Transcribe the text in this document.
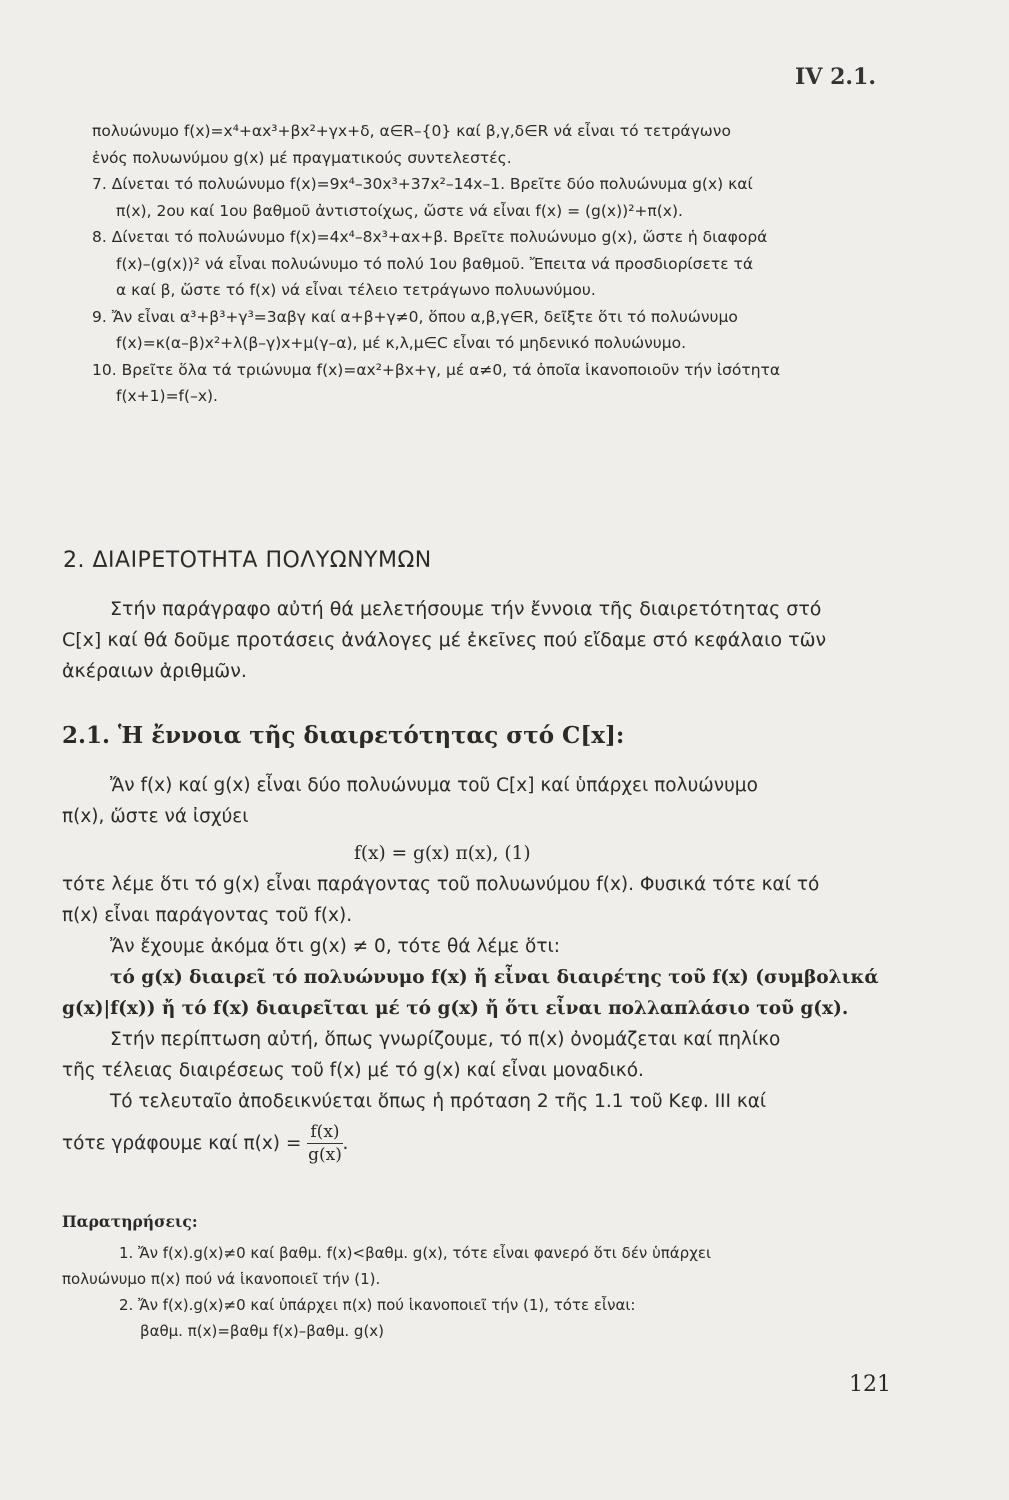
IV 2.1.
πολυώνυμο f(x)=x⁴+αx³+βx²+γx+δ, α∈R–{0} καί β,γ,δ∈R νά εἶναι τό τετράγωνο
ἑνός πολυωνύμου g(x) μέ πραγματικούς συντελεστές.
7. Δίνεται τό πολυώνυμο f(x)=9x⁴–30x³+37x²–14x–1. Βρεῖτε δύο πολυώνυμα g(x) καί
π(x), 2ου καί 1ου βαθμοῦ ἀντιστοίχως, ὥστε νά εἶναι f(x) = (g(x))²+π(x).
8. Δίνεται τό πολυώνυμο f(x)=4x⁴–8x³+αx+β. Βρεῖτε πολυώνυμο g(x), ὥστε ἡ διαφορά
f(x)–(g(x))² νά εἶναι πολυώνυμο τό πολύ 1ου βαθμοῦ. Ἔπειτα νά προσδιορίσετε τά
α καί β, ὥστε τό f(x) νά εἶναι τέλειο τετράγωνο πολυωνύμου.
9. Ἄν εἶναι α³+β³+γ³=3αβγ καί α+β+γ≠0, ὅπου α,β,γ∈R, δεῖξτε ὅτι τό πολυώνυμο
f(x)=κ(α–β)x²+λ(β–γ)x+μ(γ–α), μέ κ,λ,μ∈C εἶναι τό μηδενικό πολυώνυμο.
10. Βρεῖτε ὅλα τά τριώνυμα f(x)=αx²+βx+γ, μέ α≠0, τά ὁποῖα ἱκανοποιοῦν τήν ἰσότητα
f(x+1)=f(–x).
2. ΔΙΑΙΡΕΤΟΤΗΤΑ ΠΟΛΥΩΝΥΜΩΝ
Στήν παράγραφο αὐτή θά μελετήσουμε τήν ἔννοια τῆς διαιρετότητας στό
C[x] καί θά δοῦμε προτάσεις ἀνάλογες μέ ἐκεῖνες πού εἴδαμε στό κεφάλαιο τῶν
ἀκέραιων ἀριθμῶν.
2.1. Ἡ ἔννοια τῆς διαιρετότητας στό C[x]:
Ἄν f(x) καί g(x) εἶναι δύο πολυώνυμα τοῦ C[x] καί ὑπάρχει πολυώνυμο
π(x), ὥστε νά ἰσχύει
f(x) = g(x) π(x), (1)
τότε λέμε ὅτι τό g(x) εἶναι παράγοντας τοῦ πολυωνύμου f(x). Φυσικά τότε καί τό
π(x) εἶναι παράγοντας τοῦ f(x).
Ἄν ἔχουμε ἀκόμα ὅτι g(x) ≠ 0, τότε θά λέμε ὅτι:
τό g(x) διαιρεῖ τό πολυώνυμο f(x) ἤ εἶναι διαιρέτης τοῦ f(x) (συμβολικά
g(x)|f(x)) ἤ τό f(x) διαιρεῖται μέ τό g(x) ἤ ὅτι εἶναι πολλαπλάσιο τοῦ g(x).
Στήν περίπτωση αὐτή, ὅπως γνωρίζουμε, τό π(x) ὀνομάζεται καί πηλίκο
τῆς τέλειας διαιρέσεως τοῦ f(x) μέ τό g(x) καί εἶναι μοναδικό.
Τό τελευταῖο ἀποδεικνύεται ὅπως ἡ πρόταση 2 τῆς 1.1 τοῦ Κεφ. III καί
τότε γράφουμε καί $\pi(x) = \frac{f(x)}{g(x)}$ .
Παρατηρήσεις:
1. Ἄν f(x).g(x)≠0 καί βαθμ. f(x)<βαθμ. g(x), τότε εἶναι φανερό ὅτι δέν ὑπάρχει
πολυώνυμο π(x) πού νά ἱκανοποιεῖ τήν (1).
2. Ἄν f(x).g(x)≠0 καί ὑπάρχει π(x) πού ἱκανοποιεῖ τήν (1), τότε εἶναι:
βαθμ. π(x)=βαθμ f(x)–βαθμ. g(x)
121
